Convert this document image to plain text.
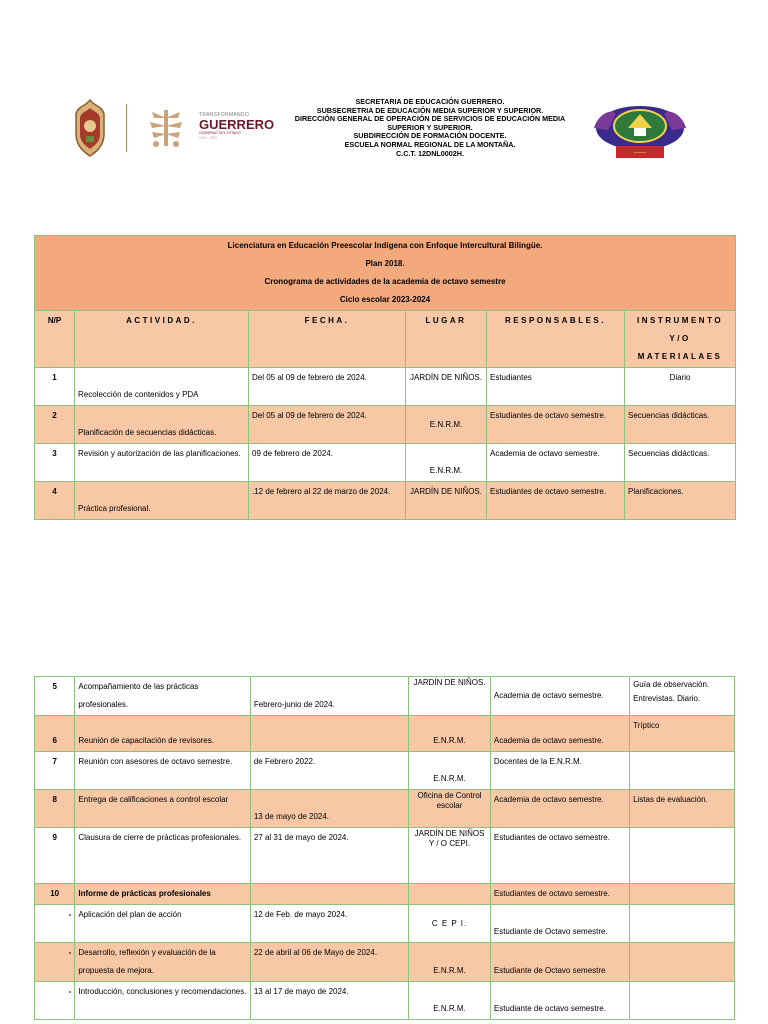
TRANSFORMANDO
GUERRERO
GOBIERNO DEL ESTADO
2021 - 2027
SECRETARIA DE EDUCACIÓN GUERRERO.
SUBSECRETRIA DE EDUCACIÓN MEDIA SUPERIOR Y SUPERIOR.
DIRECCIÓN GENERAL DE OPERACIÓN DE SERVICIOS DE EDUCACIÓN MEDIA
SUPERIOR Y SUPERIOR.
SUBDIRECCIÓN DE FORMACIÓN DOCENTE.
ESCUELA NORMAL REGIONAL DE LA MONTAÑA.
C.C.T. 12DNL0002H.	~~~
Licenciatura en Educación Preescolar Indígena con Enfoque Intercultural Bilingüe.
Plan 2018.
Cronograma de actividades de la academia de octavo semestre
Ciclo escolar 2023-2024					

N/P	ACTIVIDAD.	FECHA.	LUGAR	RESPONSABLES.	INSTRUMENTO Y/O MATERIALAES
1	Recolección de contenidos y PDA	Del 05 al 09 de febrero de 2024.	JARDÍN DE NIÑOS.	Estudiantes	Diario
2	Planificación de secuencias didácticas.	Del 05 al 09 de febrero de 2024.	E.N.R.M.	Estudiantes de octavo semestre.	Secuencias didácticas.
3	Revisión y autorización de las planificaciones.	09 de febrero de 2024.	E.N.R.M.	Academia de octavo semestre.	Secuencias didácticas.
4	Práctica profesional.	.12 de febrero al 22 de marzo de 2024.	JARDÍN DE NIÑOS.	Estudiantes de octavo semestre.	Planificaciones.
5	Acompañamiento de las prácticas profesionales.	Febrero-junio de 2024.	JARDÍN DE NIÑOS.	Academia de octavo semestre.	Guía de observación. Entrevistas. Diario.
6	Reunión de capacitación de revisores.		E.N.R.M.	Academia de octavo semestre.	Tríptico
7	Reunión con asesores de octavo semestre.	de Febrero 2022.	E.N.R.M.	Docentes de la E.N.R.M.	
8	Entrega de calificaciones a control escolar	13 de mayo de 2024.	Oficina de Control escolar	Academia de octavo semestre.	Listas de evaluación.
9	Clausura de cierre de prácticas profesionales.	27 al 31 de mayo de 2024.	JARDÍN DE NIÑOS Y / O CEPI.	Estudiantes de octavo semestre.	
10	Informe de prácticas profesionales			Estudiantes de octavo semestre.	
-	Aplicación del plan de acción	12 de Feb. de mayo 2024.	C E P I.	Estudiante de Octavo semestre.	
-	Desarrollo, reflexión y evaluación de la propuesta de mejora.	22 de abril al 06 de Mayo de 2024.	E.N.R.M.	Estudiante de Octavo semestre	
-	Introducción, conclusiones y recomendaciones.	13 al 17 de mayo de 2024.	E.N.R.M.	Estudiante de octavo semestre.	
